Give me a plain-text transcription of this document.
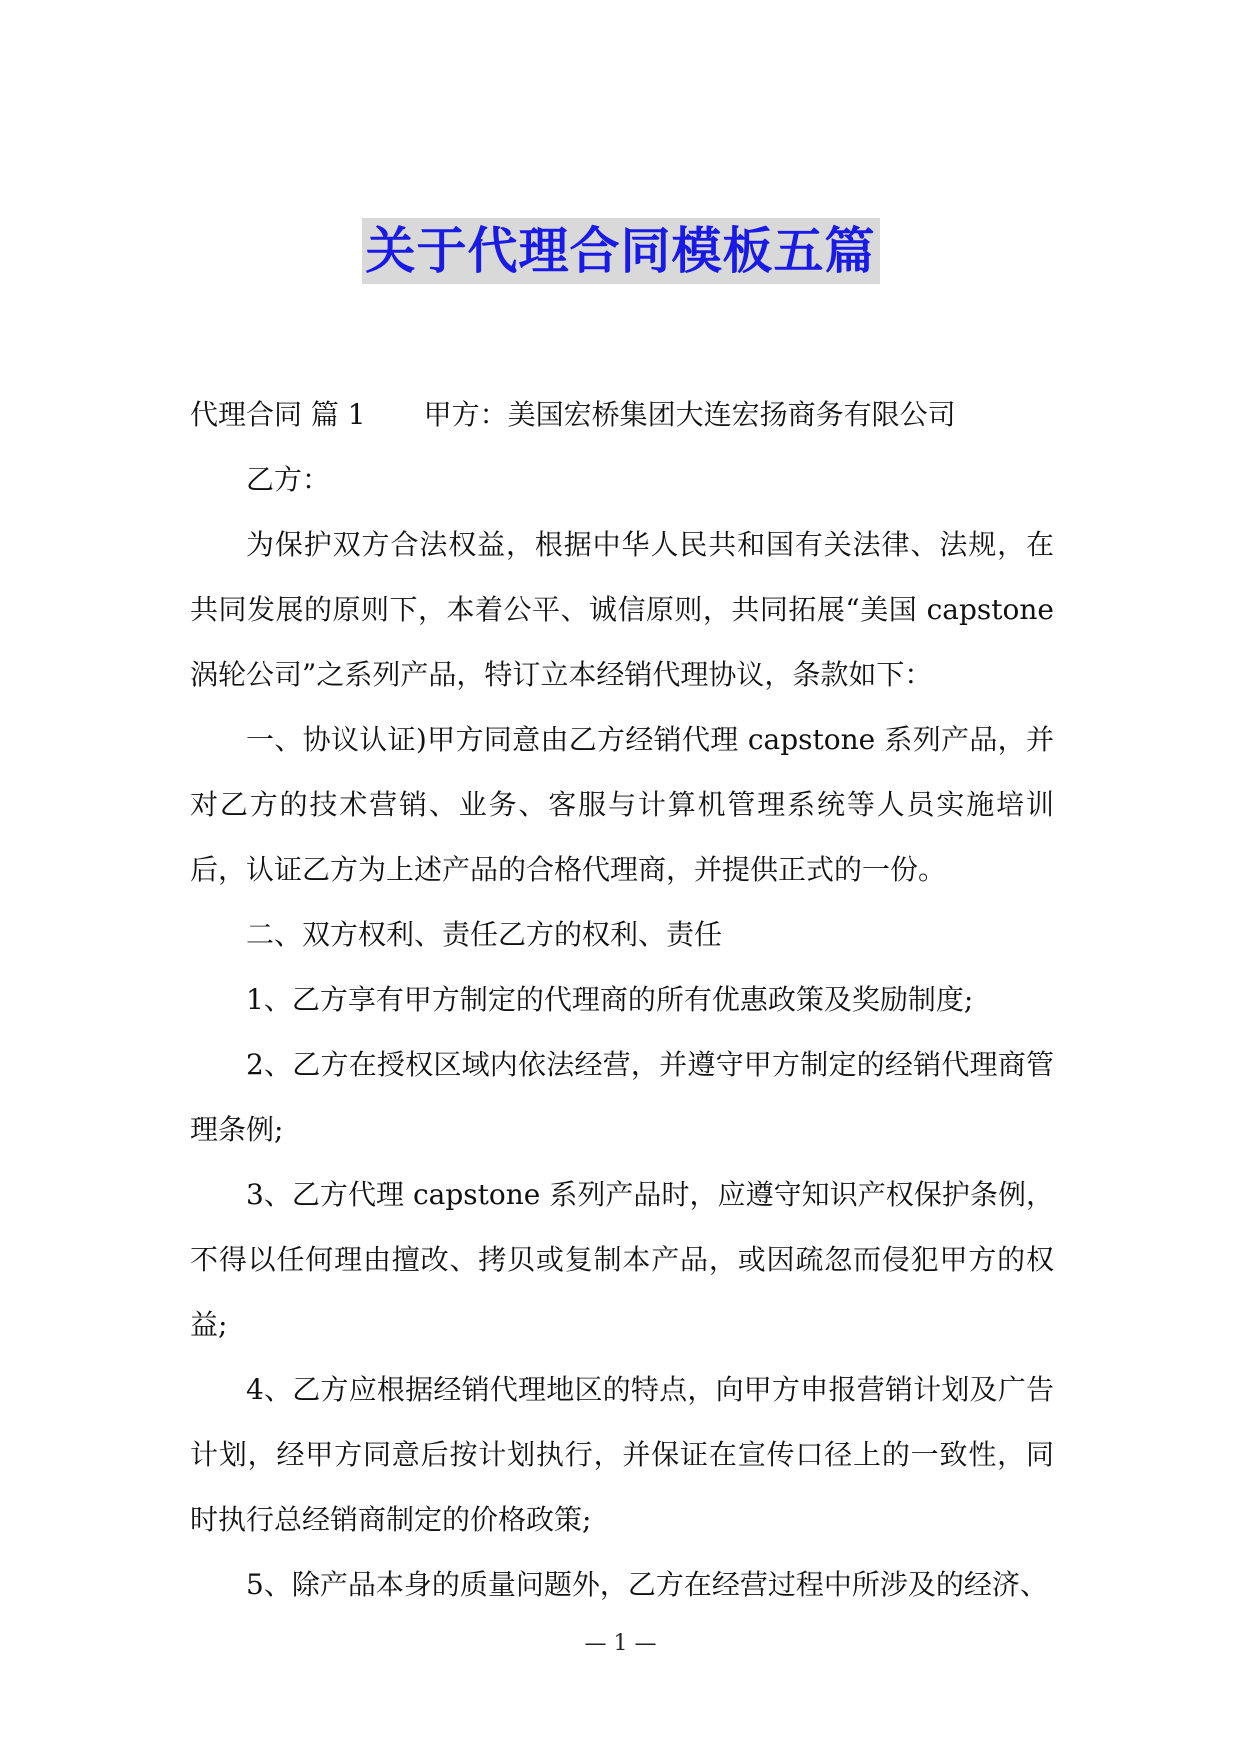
关于代理合同模板五篇

代理合同 篇 1 甲方：美国宏桥集团大连宏扬商务有限公司

乙方：

为保护双方合法权益，根据中华人民共和国有关法律、法规，在共同发展的原则下，本着公平、诚信原则，共同拓展“美国 capstone 涡轮公司”之系列产品，特订立本经销代理协议，条款如下：

一、协议认证)甲方同意由乙方经销代理 capstone 系列产品，并对乙方的技术营销、业务、客服与计算机管理系统等人员实施培训后，认证乙方为上述产品的合格代理商，并提供正式的一份。

二、双方权利、责任乙方的权利、责任

1、乙方享有甲方制定的代理商的所有优惠政策及奖励制度;

2、乙方在授权区域内依法经营，并遵守甲方制定的经销代理商管理条例;

3、乙方代理 capstone 系列产品时，应遵守知识产权保护条例，不得以任何理由擅改、拷贝或复制本产品，或因疏忽而侵犯甲方的权益;

4、乙方应根据经销代理地区的特点，向甲方申报营销计划及广告计划，经甲方同意后按计划执行，并保证在宣传口径上的一致性，同时执行总经销商制定的价格政策;

5、除产品本身的质量问题外，乙方在经营过程中所涉及的经济、

— 1 —
